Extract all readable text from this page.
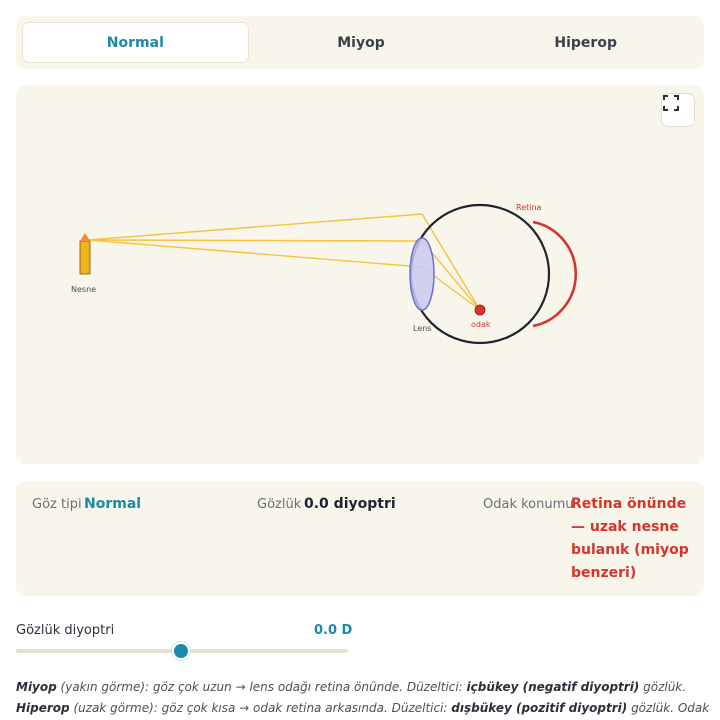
Normal	Miyop	Hiperop
Retina
Lens	odak
Nesne
Göz tipi Normal	Gözlük 0.0 diyoptri	Odak konumu
Retina önünde — uzak nesne bulanık (miyop benzeri)
Gözlük diyoptri	0.0 D
Miyop (yakın görme): göz çok uzun → lens odağı retina önünde. Düzeltici: içbükey (negatif diyoptri) gözlük.
Hiperop (uzak görme): göz çok kısa → odak retina arkasında. Düzeltici: dışbükey (pozitif diyoptri) gözlük. Odak
